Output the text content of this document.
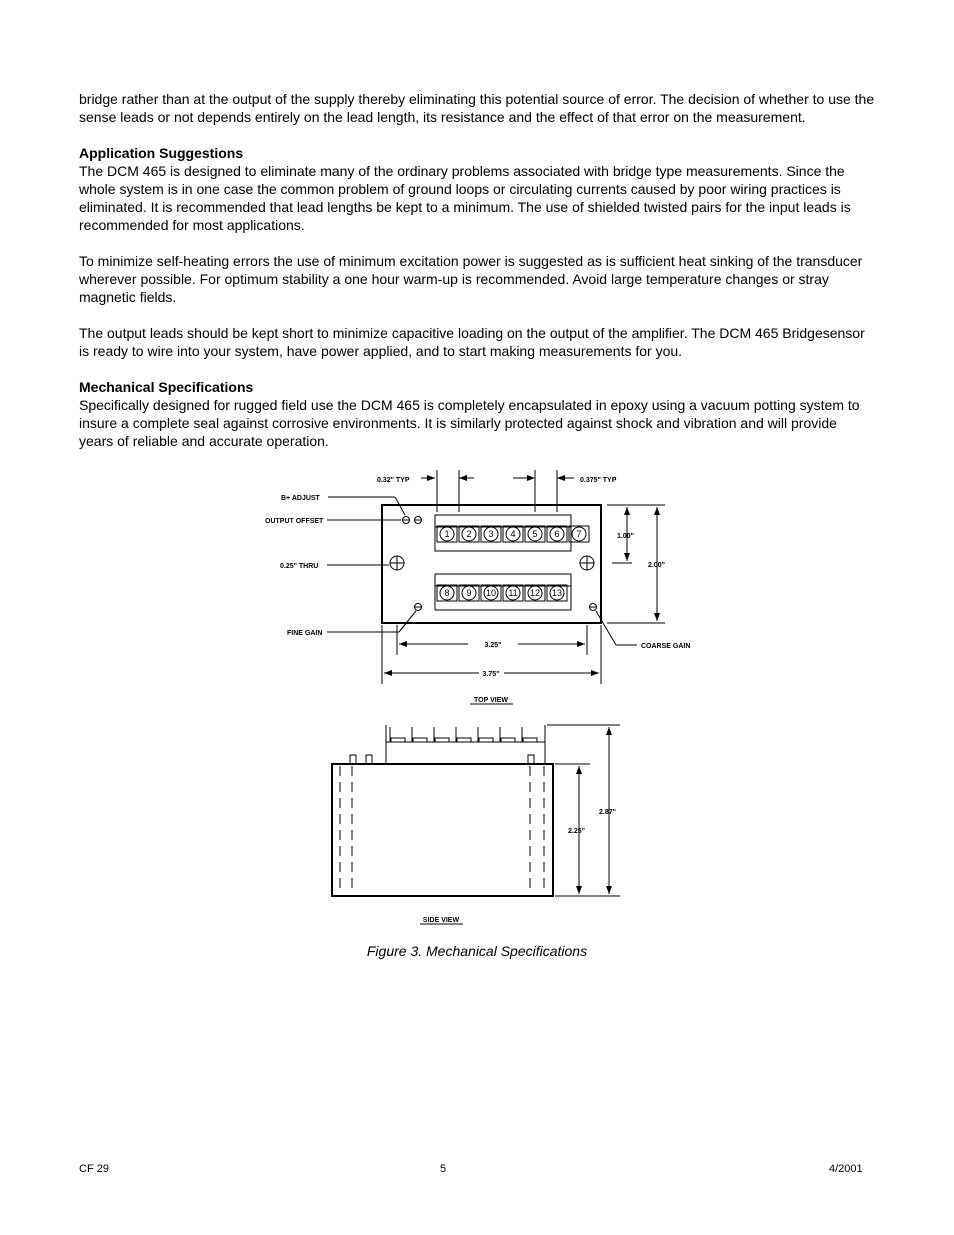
bridge rather than at the output of the supply thereby eliminating this potential source of error. The decision of whether to use the sense leads or not depends entirely on the lead length, its resistance and the effect of that error on the measurement.

Application Suggestions

The DCM 465 is designed to eliminate many of the ordinary problems associated with bridge type measurements. Since the whole system is in one case the common problem of ground loops or circulating currents caused by poor wiring practices is eliminated. It is recommended that lead lengths be kept to a minimum. The use of shielded twisted pairs for the input leads is recommended for most applications.

To minimize self-heating errors the use of minimum excitation power is suggested as is sufficient heat sinking of the transducer wherever possible. For optimum stability a one hour warm-up is recommended. Avoid large temperature changes or stray magnetic fields.

The output leads should be kept short to minimize capacitive loading on the output of the amplifier. The DCM 465 Bridgesensor is ready to wire into your system, have power applied, and to start making measurements for you.

Mechanical Specifications

Specifically designed for rugged field use the DCM 465 is completely encapsulated in epoxy using a vacuum potting system to insure a complete seal against corrosive environments. It is similarly protected against shock and vibration and will provide years of reliable and accurate operation.

1 2 3 4 5 6 7
8 9 10 11 12 13
0.32" TYP	0.375" TYP
B+ ADJUST
OUTPUT OFFSET
0.25" THRU
FINE GAIN
COARSE GAIN
1.00"
2.00"
3.25"
3.75"
TOP VIEW
2.87"
2.25"
SIDE VIEW
Figure 3. Mechanical Specifications
CF 29	5	4/2001
